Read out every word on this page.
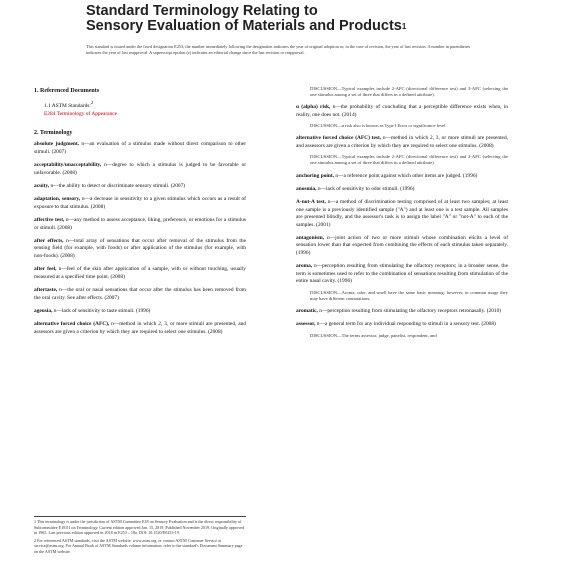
Standard Terminology Relating to
Sensory Evaluation of Materials and Products$^1$
This standard is issued under the fixed designation E253; the number immediately following the designation indicates the year of original adoption or, in the case of revision, the year of last revision. A number in parentheses indicates the year of last reapproval. A superscript epsilon (ε) indicates an editorial change since the last revision or reapproval.
1. Referenced Documents

1.1 ASTM Standards:$^2$

E284 Terminology of Appearance

2. Terminology

absolute judgment, n—an evaluation of a stimulus made without direct comparison to other stimuli. (2007)

acceptability/unacceptability, n—degree to which a stimulus is judged to be favorable or unfavorable. (2008)

acuity, n—the ability to detect or discriminate sensory stimuli. (2007)

adaptation, sensory, n—a decrease in sensitivity to a given stimulus which occurs as a result of exposure to that stimulus. (2008)

affective test, n—any method to assess acceptance, liking, preference, or emotions for a stimulus or stimuli. (2008)

after effects, n—total array of sensations that occur after removal of the stimulus from the sensing field (for example, with foods) or after application of the stimulus (for example, with non-foods). (2008)

after feel, n—feel of the skin after application of a sample, with or without touching, usually measured at a specified time point. (2008)

aftertaste, n—the oral or nasal sensations that occur after the stimulus has been removed from the oral cavity. See after effects. (2007)

ageusia, n—lack of sensitivity to taste stimuli. (1996)

alternative forced choice (AFC), n—method in which 2, 3, or more stimuli are presented, and assessors are given a criterion by which they are required to select one stimulus. (2008)

DISCUSSION—Typical examples include 2-AFC (directional difference test) and 3-AFC (selecting the one stimulus among a set of three that differs in a defined attribute).

α (alpha) risk, n—the probability of concluding that a perceptible difference exists when, in reality, one does not. (2014)

DISCUSSION—α risk also is known as Type I Error or significance level.

alternative forced choice (AFC) test, n—method in which 2, 3, or more stimuli are presented, and assessors are given a criterion by which they are required to select one stimulus. (2008)

DISCUSSION—Typical examples include 2-AFC (directional difference test) and 3-AFC (selecting the one stimulus among a set of three that differs in a defined attribute).

anchoring point, n—a reference point against which other items are judged. (1996)

anosmia, n—lack of sensitivity to odor stimuli. (1996)

A-not-A test, n—a method of discrimination testing comprised of at least two samples; at least one sample is a previously identified sample ("A") and at least one is a test sample. All samples are presented blindly, and the assessor's task is to assign the label "A" or "not-A" to each of the samples. (2001)

antagonism, n—joint action of two or more stimuli whose combination elicits a level of sensation lower than that expected from combining the effects of each stimulus taken separately. (1996)

aroma, n—perception resulting from stimulating the olfactory receptors; in a broader sense, the term is sometimes used to refer to the combination of sensations resulting from stimulation of the entire nasal cavity. (1996)

DISCUSSION—Aroma, odor, and smell have the same basic meaning; however, in common usage they may have different connotations.

aromatic, n—perception resulting from stimulating the olfactory receptors retronasally. (2010)

assessor, n—a general term for any individual responding to stimuli in a sensory test. (2008)

DISCUSSION—The terms assessor, judge, panelist, respondent, and

1 This terminology is under the jurisdiction of ASTM Committee E18 on Sensory Evaluation and is the direct responsibility of Subcommittee E18.01 on Terminology. Current edition approved Jan. 15, 2019. Published November 2019. Originally approved in 1965. Last previous edition approved in 2018 as E253 – 18a. DOI: 10.1520/E0253-19.

2 For referenced ASTM standards, visit the ASTM website, www.astm.org, or contact ASTM Customer Service at service@astm.org. For Annual Book of ASTM Standards volume information, refer to the standard's Document Summary page on the ASTM website.
